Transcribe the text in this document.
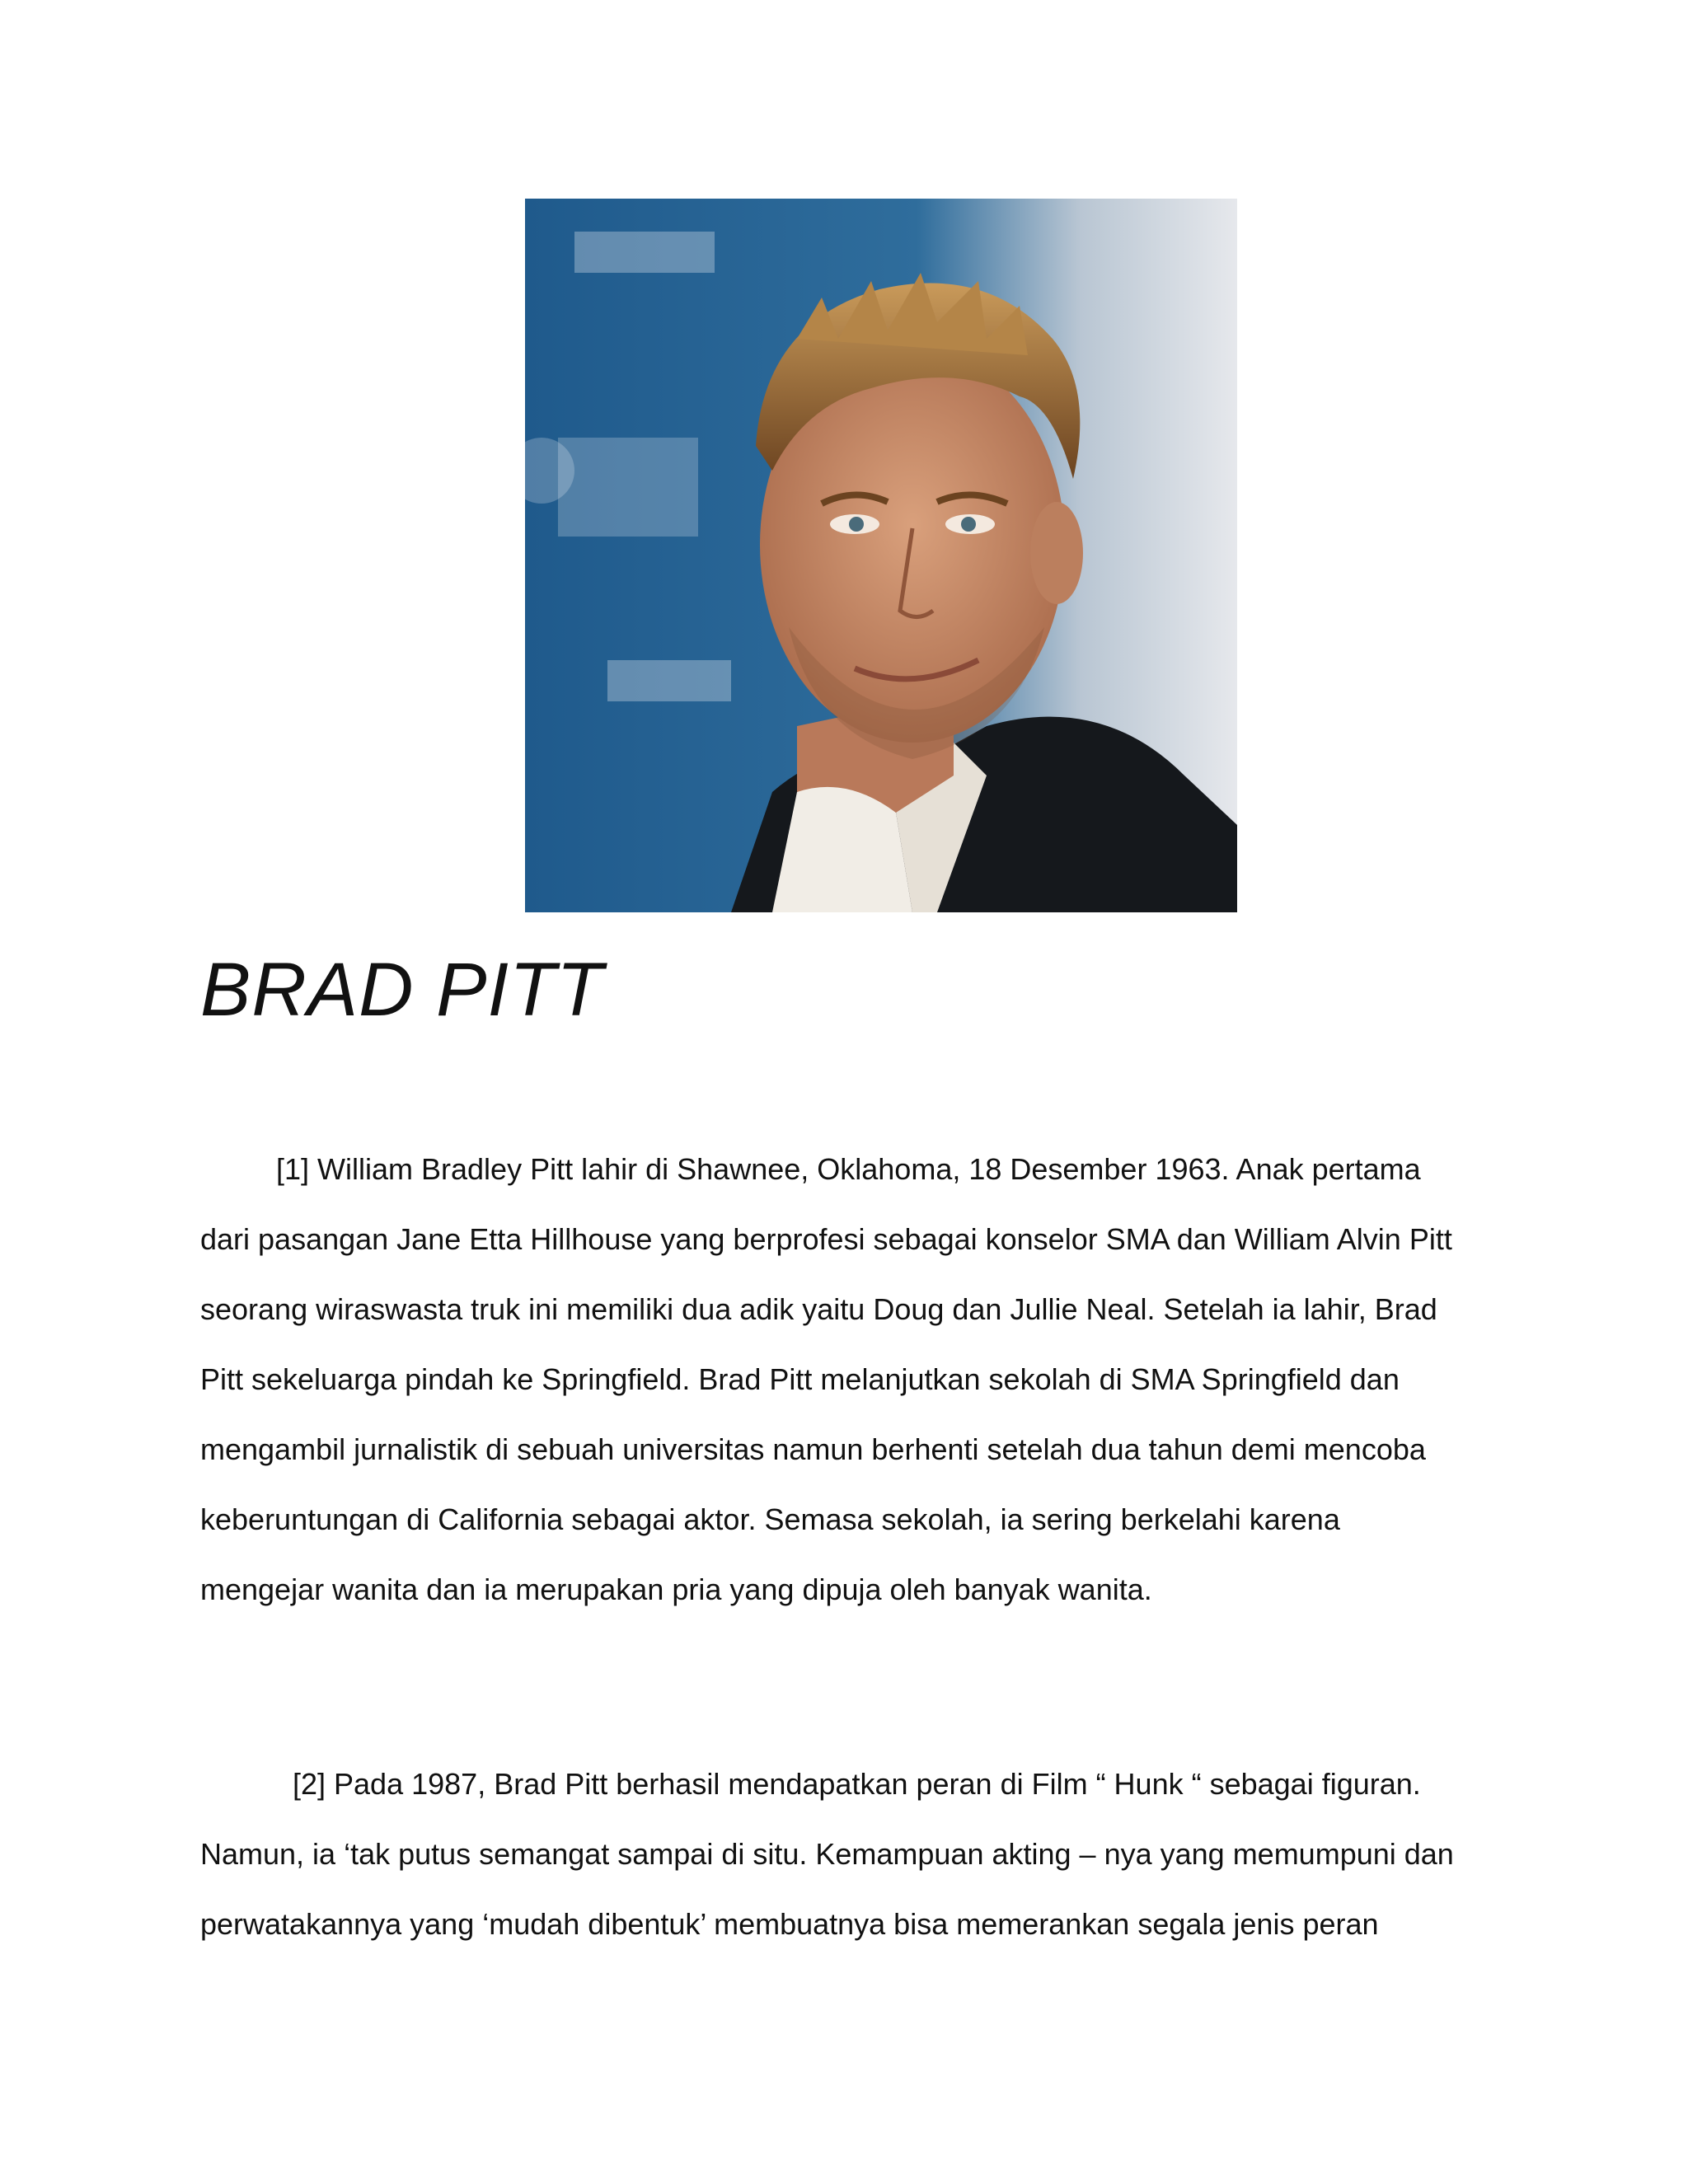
BRAD PITT

[1] William Bradley Pitt lahir di Shawnee, Oklahoma, 18 Desember 1963. Anak pertama
dari pasangan Jane Etta Hillhouse yang berprofesi sebagai konselor SMA dan William Alvin Pitt
seorang wiraswasta truk ini memiliki dua adik yaitu Doug dan Jullie Neal. Setelah ia lahir, Brad
Pitt sekeluarga pindah ke Springfield. Brad Pitt melanjutkan sekolah di SMA Springfield dan
mengambil jurnalistik di sebuah universitas namun berhenti setelah dua tahun demi mencoba
keberuntungan di California sebagai aktor. Semasa sekolah, ia sering berkelahi karena
mengejar wanita dan ia merupakan pria yang dipuja oleh banyak wanita.

[2] Pada 1987, Brad Pitt berhasil mendapatkan peran di Film “ Hunk “ sebagai figuran.
Namun, ia ‘tak putus semangat sampai di situ. Kemampuan akting – nya yang memumpuni dan
perwatakannya yang ‘mudah dibentuk’ membuatnya bisa memerankan segala jenis peran
